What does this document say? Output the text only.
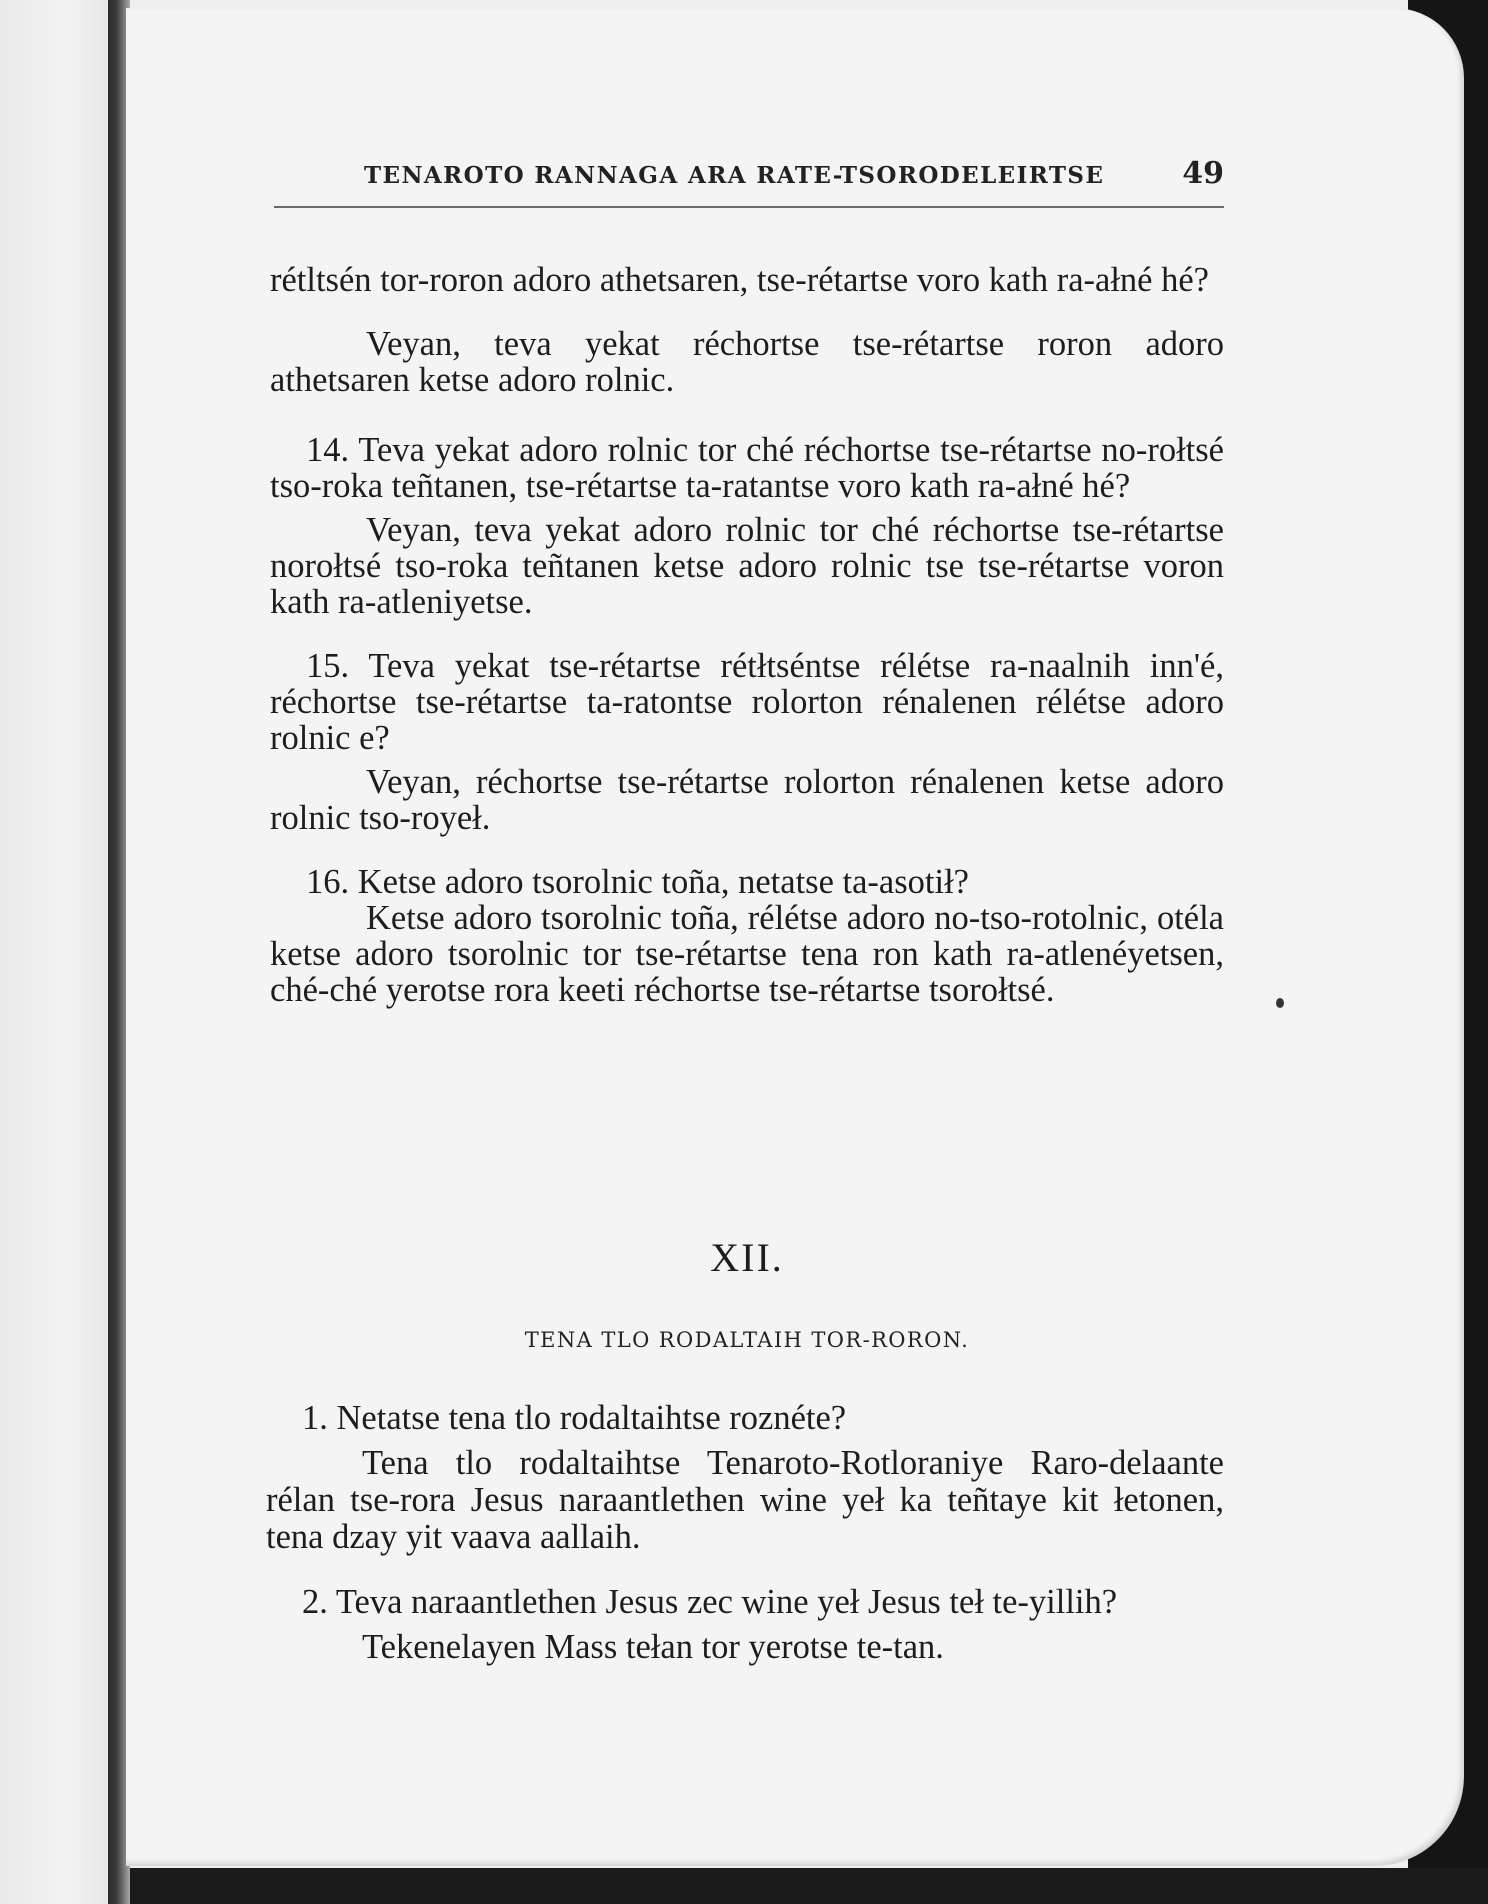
TENAROTO RANNAGA ARA RATE-TSORODELEIRTSE	49

rétltsén tor-roron adoro athetsaren, tse-rétartse voro kath ra-ałné hé?

Veyan, teva yekat réchortse tse-rétartse roron adoro athetsaren ketse adoro rolnic.

14. Teva yekat adoro rolnic tor ché réchortse tse-rétartse no-rołtsé tso-roka teñtanen, tse-rétartse ta-ratantse voro kath ra-ałné hé?

Veyan, teva yekat adoro rolnic tor ché réchortse tse-rétartse norołtsé tso-roka teñtanen ketse adoro rolnic tse tse-rétartse voron kath ra-atleniyetse.

15. Teva yekat tse-rétartse rétłtséntse rélétse ra-naalnih inn'é, réchortse tse-rétartse ta-ratontse rolorton rénalenen rélétse adoro rolnic e?

Veyan, réchortse tse-rétartse rolorton rénalenen ketse adoro rolnic tso-royeł.

16. Ketse adoro tsorolnic toña, netatse ta-asotił?

Ketse adoro tsorolnic toña, rélétse adoro no-tso-rotolnic, otéla ketse adoro tsorolnic tor tse-rétartse tena ron kath ra-atlenéyetsen, ché-ché yerotse rora keeti réchortse tse-rétartse tsorołtsé.

XII.
TENA TLO RODALTAIH TOR-RORON.

1. Netatse tena tlo rodaltaihtse roznéte?

Tena tlo rodaltaihtse Tenaroto-Rotloraniye Raro-delaante rélan tse-rora Jesus naraantlethen wine yeł ka teñtaye kit łetonen, tena dzay yit vaava aallaih.

2. Teva naraantlethen Jesus zec wine yeł Jesus teł te-yillih?

Tekenelayen Mass tełan tor yerotse te-tan.
